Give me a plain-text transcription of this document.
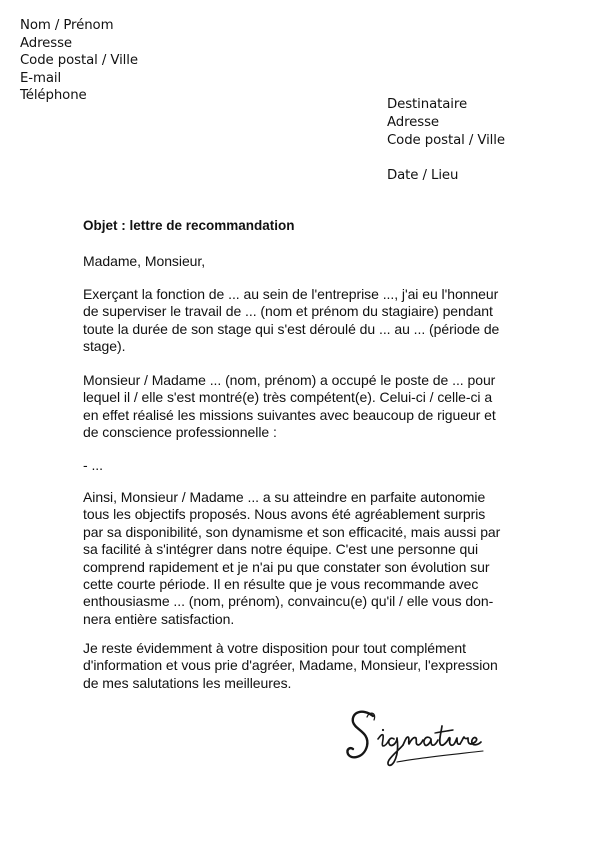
Nom / Prénom
Adresse
Code postal / Ville
E-mail
Téléphone
Destinataire
Adresse
Code postal / Ville
Date / Lieu
Objet : lettre de recommandation
Madame, Monsieur,
Exerçant la fonction de ... au sein de l'entreprise ..., j'ai eu l'honneur
de superviser le travail de ... (nom et prénom du stagiaire) pendant
toute la durée de son stage qui s'est déroulé du ... au ... (période de
stage).
Monsieur / Madame ... (nom, prénom) a occupé le poste de ... pour
lequel il / elle s'est montré(e) très compétent(e). Celui-ci / celle-ci a
en effet réalisé les missions suivantes avec beaucoup de rigueur et
de conscience professionnelle :
- ...
Ainsi, Monsieur / Madame ... a su atteindre en parfaite autonomie
tous les objectifs proposés. Nous avons été agréablement surpris
par sa disponibilité, son dynamisme et son efficacité, mais aussi par
sa facilité à s'intégrer dans notre équipe. C'est une personne qui
comprend rapidement et je n'ai pu que constater son évolution sur
cette courte période. Il en résulte que je vous recommande avec
enthousiasme ... (nom, prénom), convaincu(e) qu'il / elle vous don-
nera entière satisfaction.
Je reste évidemment à votre disposition pour tout complément
d'information et vous prie d'agréer, Madame, Monsieur, l'expression
de mes salutations les meilleures.
